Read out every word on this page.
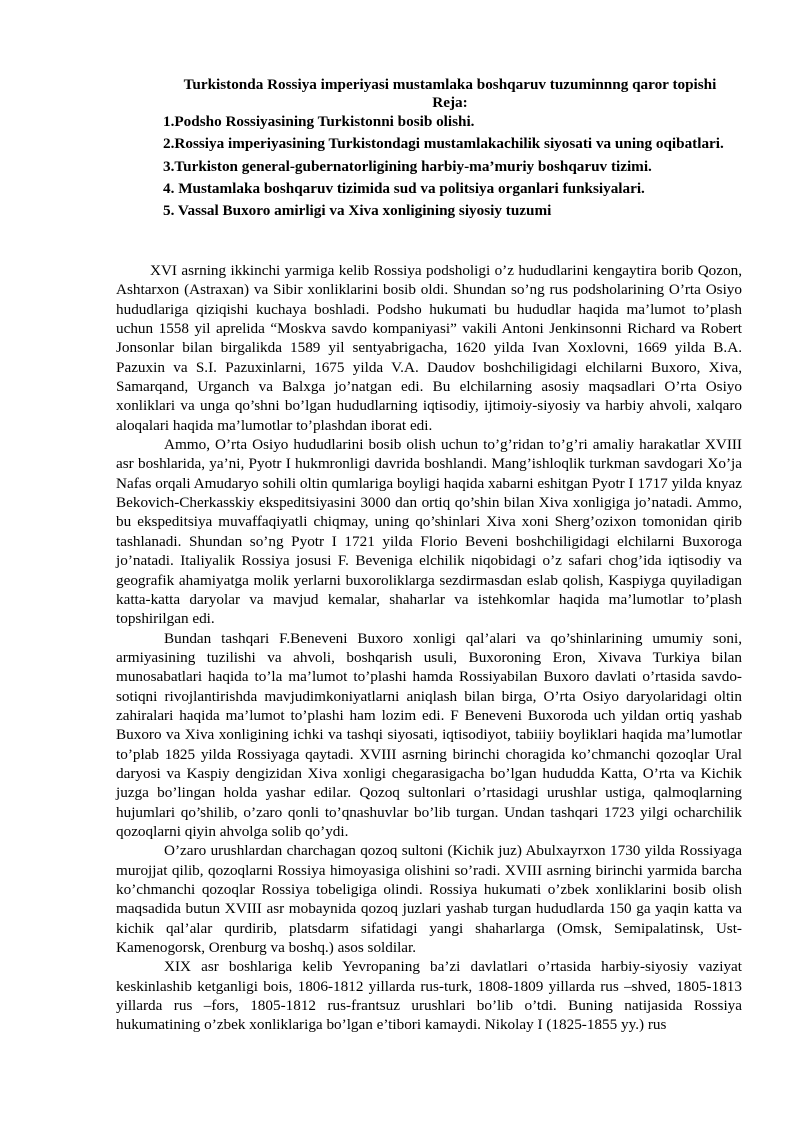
Turkistonda Rossiya imperiyasi mustamlaka boshqaruv tuzuminnng qaror topishi
Reja:
1.Podsho Rossiyasining Turkistonni bosib olishi.
2.Rossiya imperiyasining Turkistondagi mustamlakachilik siyosati va uning oqibatlari.
3.Turkiston general-gubernatorligining harbiy-ma’muriy boshqaruv tizimi.
4. Mustamlaka boshqaruv tizimida sud va politsiya organlari funksiyalari.
5. Vassal Buxoro amirligi va Xiva xonligining siyosiy tuzumi

XVI asrning ikkinchi yarmiga kelib Rossiya podsholigi o’z hududlarini kengaytira borib Qozon, Ashtarxon (Astraxan) va Sibir xonliklarini bosib oldi. Shundan so’ng rus podsholarining O’rta Osiyo hududlariga qiziqishi kuchaya boshladi. Podsho hukumati bu hududlar haqida ma’lumot to’plash uchun 1558 yil aprelida “Moskva savdo kompaniyasi” vakili Antoni Jenkinsonni Richard va Robert Jonsonlar bilan birgalikda 1589 yil sentyabrigacha, 1620 yilda Ivan Xoxlovni, 1669 yilda B.A. Pazuxin va S.I. Pazuxinlarni, 1675 yilda V.A. Daudov boshchiligidagi elchilarni Buxoro, Xiva, Samarqand, Urganch va Balxga jo’natgan edi. Bu elchilarning asosiy maqsadlari O’rta Osiyo xonliklari va unga qo’shni bo’lgan hududlarning iqtisodiy, ijtimoiy-siyosiy va harbiy ahvoli, xalqaro aloqalari haqida ma’lumotlar to’plashdan iborat edi.

Ammo, O’rta Osiyo hududlarini bosib olish uchun to’g’ridan to’g’ri amaliy harakatlar XVIII asr boshlarida, ya’ni, Pyotr I hukmronligi davrida boshlandi. Mang’ishloqlik turkman savdogari Xo’ja Nafas orqali Amudaryo sohili oltin qumlariga boyligi haqida xabarni eshitgan Pyotr I 1717 yilda knyaz Bekovich-Cherkasskiy ekspeditsiyasini 3000 dan ortiq qo’shin bilan Xiva xonligiga jo’natadi. Ammo, bu ekspeditsiya muvaffaqiyatli chiqmay, uning qo’shinlari Xiva xoni Sherg’ozixon tomonidan qirib tashlanadi. Shundan so’ng Pyotr I 1721 yilda Florio Beveni boshchiligidagi elchilarni Buxoroga jo’natadi. Italiyalik Rossiya josusi F. Beveniga elchilik niqobidagi o’z safari chog’ida iqtisodiy va geografik ahamiyatga molik yerlarni buxoroliklarga sezdirmasdan eslab qolish, Kaspiyga quyiladigan katta-katta daryolar va mavjud kemalar, shaharlar va istehkomlar haqida ma’lumotlar to’plash topshirilgan edi.

Bundan tashqari F.Beneveni Buxoro xonligi qal’alari va qo’shinlarining umumiy soni, armiyasining tuzilishi va ahvoli, boshqarish usuli, Buxoroning Eron, Xivava Turkiya bilan munosabatlari haqida to’la ma’lumot to’plashi hamda Rossiyabilan Buxoro davlati o’rtasida savdo-sotiqni rivojlantirishda mavjudimkoniyatlarni aniqlash bilan birga, O’rta Osiyo daryolaridagi oltin zahiralari haqida ma’lumot to’plashi ham lozim edi. F Beneveni Buxoroda uch yildan ortiq yashab Buxoro va Xiva xonligining ichki va tashqi siyosati, iqtisodiyot, tabiiiy boyliklari haqida ma’lumotlar to’plab 1825 yilda Rossiyaga qaytadi. XVIII asrning birinchi choragida ko’chmanchi qozoqlar Ural daryosi va Kaspiy dengizidan Xiva xonligi chegarasigacha bo’lgan hududda Katta, O’rta va Kichik juzga bo’lingan holda yashar edilar. Qozoq sultonlari o’rtasidagi urushlar ustiga, qalmoqlarning hujumlari qo’shilib, o’zaro qonli to’qnashuvlar bo’lib turgan. Undan tashqari 1723 yilgi ocharchilik qozoqlarni qiyin ahvolga solib qo’ydi.

O’zaro urushlardan charchagan qozoq sultoni (Kichik juz) Abulxayrxon 1730 yilda Rossiyaga murojjat qilib, qozoqlarni Rossiya himoyasiga olishini so’radi. XVIII asrning birinchi yarmida barcha ko’chmanchi qozoqlar Rossiya tobeligiga olindi. Rossiya hukumati o’zbek xonliklarini bosib olish maqsadida butun XVIII asr mobaynida qozoq juzlari yashab turgan hududlarda 150 ga yaqin katta va kichik qal’alar qurdirib, platsdarm sifatidagi yangi shaharlarga (Omsk, Semipalatinsk, Ust-Kamenogorsk, Orenburg va boshq.) asos soldilar.

XIX asr boshlariga kelib Yevropaning ba’zi davlatlari o’rtasida harbiy-siyosiy vaziyat keskinlashib ketganligi bois, 1806-1812 yillarda rus-turk, 1808-1809 yillarda rus –shved, 1805-1813 yillarda rus –fors, 1805-1812 rus-frantsuz urushlari bo’lib o’tdi. Buning natijasida Rossiya hukumatining o’zbek xonliklariga bo’lgan e’tibori kamaydi. Nikolay I (1825-1855 yy.) rus
